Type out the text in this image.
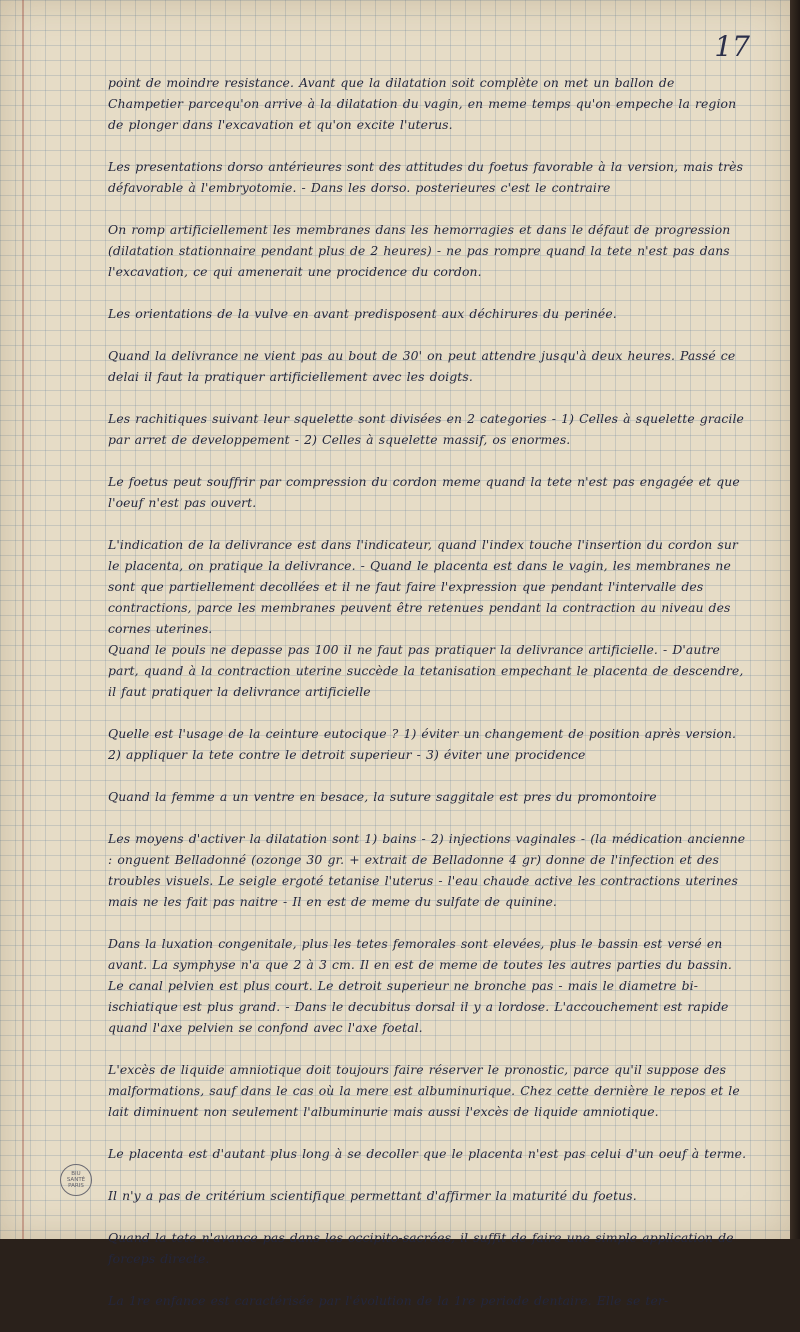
17

point de moindre resistance. Avant que la dilatation soit complète on met un ballon de Champetier parcequ'on arrive à la dilatation du vagin, en meme temps qu'on empeche la region de plonger dans l'excavation et qu'on excite l'uterus.

Les presentations dorso antérieures sont des attitudes du foetus favorable à la version, mais très défavorable à l'embryotomie. - Dans les dorso. posterieures c'est le contraire

On romp artificiellement les membranes dans les hemorragies et dans le défaut de progression (dilatation stationnaire pendant plus de 2 heures) - ne pas rompre quand la tete n'est pas dans l'excavation, ce qui amenerait une procidence du cordon.

Les orientations de la vulve en avant predisposent aux déchirures du perinée.

Quand la delivrance ne vient pas au bout de 30' on peut attendre jusqu'à deux heures. Passé ce delai il faut la pratiquer artificiellement avec les doigts.

Les rachitiques suivant leur squelette sont divisées en 2 categories - 1) Celles à squelette gracile par arret de developpement - 2) Celles à squelette massif, os enormes.

Le foetus peut souffrir par compression du cordon meme quand la tete n'est pas engagée et que l'oeuf n'est pas ouvert.

L'indication de la delivrance est dans l'indicateur, quand l'index touche l'insertion du cordon sur le placenta, on pratique la delivrance. - Quand le placenta est dans le vagin, les membranes ne sont que partiellement decollées et il ne faut faire l'expression que pendant l'intervalle des contractions, parce les membranes peuvent être retenues pendant la contraction au niveau des cornes uterines.

Quand le pouls ne depasse pas 100 il ne faut pas pratiquer la delivrance artificielle. - D'autre part, quand à la contraction uterine succède la tetanisation empechant le placenta de descendre, il faut pratiquer la delivrance artificielle

Quelle est l'usage de la ceinture eutocique ? 1) éviter un changement de position après version. 2) appliquer la tete contre le detroit superieur - 3) éviter une procidence

Quand la femme a un ventre en besace, la suture saggitale est pres du promontoire

Les moyens d'activer la dilatation sont 1) bains - 2) injections vaginales - (la médication ancienne : onguent Belladonné (ozonge 30 gr. + extrait de Belladonne 4 gr) donne de l'infection et des troubles visuels. Le seigle ergoté tetanise l'uterus - l'eau chaude active les contractions uterines mais ne les fait pas naitre - Il en est de meme du sulfate de quinine.

Dans la luxation congenitale, plus les tetes femorales sont elevées, plus le bassin est versé en avant. La symphyse n'a que 2 à 3 cm. Il en est de meme de toutes les autres parties du bassin. Le canal pelvien est plus court. Le detroit superieur ne bronche pas - mais le diametre bi-ischiatique est plus grand. - Dans le decubitus dorsal il y a lordose. L'accouchement est rapide quand l'axe pelvien se confond avec l'axe foetal.

L'excès de liquide amniotique doit toujours faire réserver le pronostic, parce qu'il suppose des malformations, sauf dans le cas où la mere est albuminurique. Chez cette dernière le repos et le lait diminuent non seulement l'albuminurie mais aussi l'excès de liquide amniotique.

Le placenta est d'autant plus long à se decoller que le placenta n'est pas celui d'un oeuf à terme.

Il n'y a pas de critérium scientifique permettant d'affirmer la maturité du foetus.

Quand la tete n'avance pas dans les occipito-sacrées, il suffit de faire une simple application de forceps directe.

La 1re enfance est caractérisée par l'évolution de la 1re periode dentaire. Elle se ter-

BIU
SANTÉ
PARIS
